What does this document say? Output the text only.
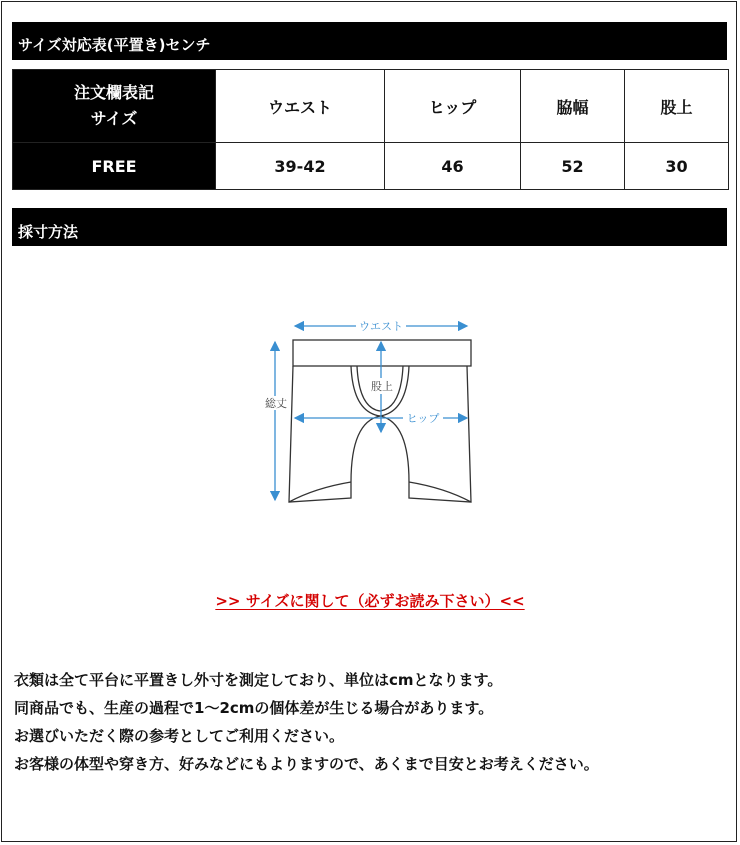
サイズ対応表(平置き)センチ
注文欄表記
サイズ	ウエスト	ヒップ	脇幅	股上
FREE	39-42	46	52	30
採寸方法
ウエスト
股上
ヒップ
総丈
>> サイズに関して（必ずお読み下さい）<<

衣類は全て平台に平置きし外寸を測定しており、単位はcmとなります。

同商品でも、生産の過程で1～2cmの個体差が生じる場合があります。

お選びいただく際の参考としてご利用ください。

お客様の体型や穿き方、好みなどにもよりますので、あくまで目安とお考えください。
